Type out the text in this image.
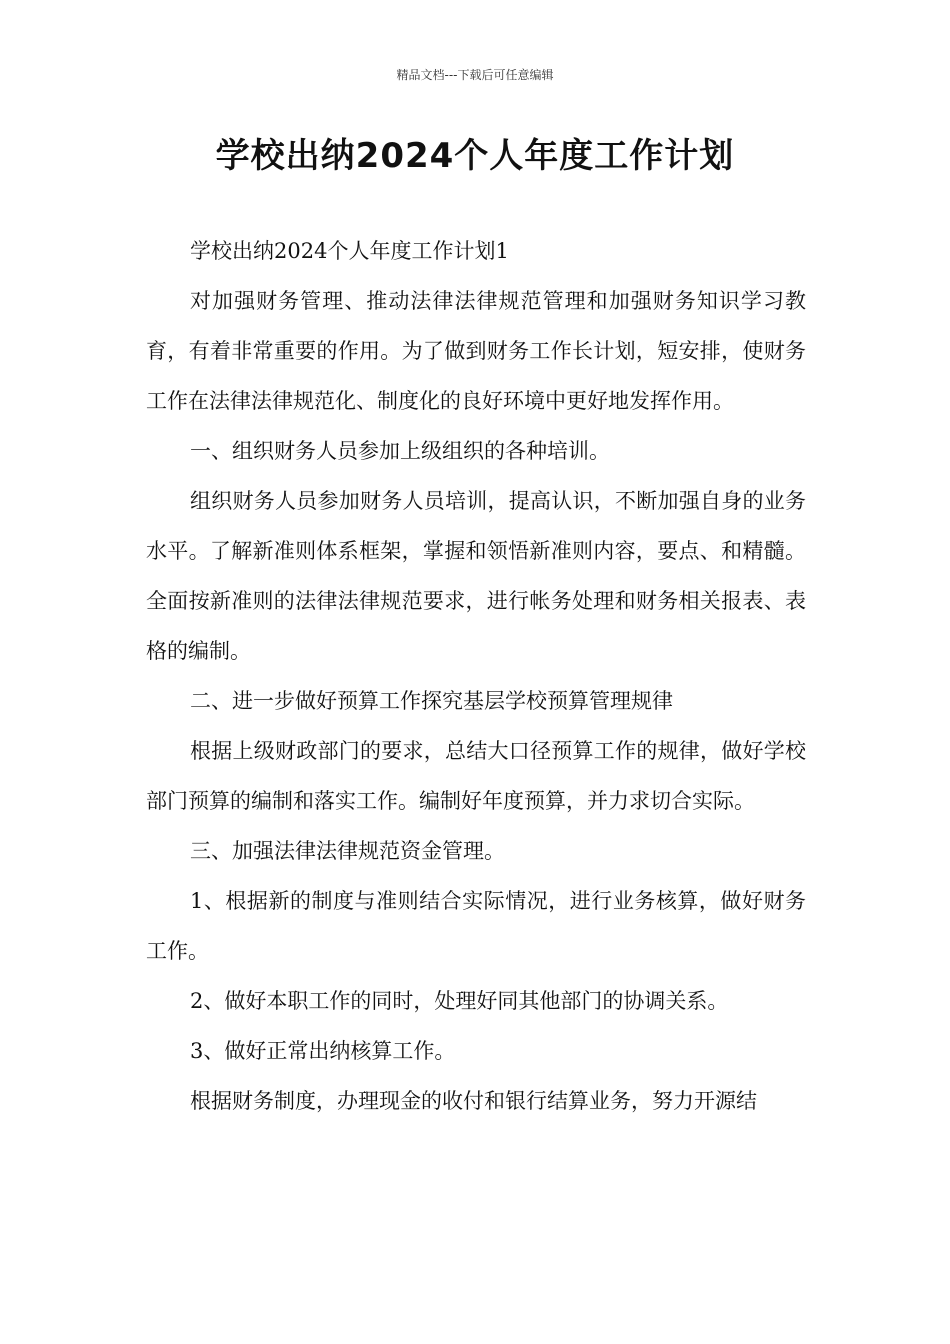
精品文档---下载后可任意编辑
学校出纳2024个人年度工作计划

学校出纳2024个人年度工作计划1

对加强财务管理、推动法律法律规范管理和加强财务知识学习教育，有着非常重要的作用。为了做到财务工作长计划，短安排，使财务工作在法律法律规范化、制度化的良好环境中更好地发挥作用。

一、组织财务人员参加上级组织的各种培训。

组织财务人员参加财务人员培训，提高认识，不断加强自身的业务水平。了解新准则体系框架，掌握和领悟新准则内容，要点、和精髓。全面按新准则的法律法律规范要求，进行帐务处理和财务相关报表、表格的编制。

二、进一步做好预算工作探究基层学校预算管理规律

根据上级财政部门的要求，总结大口径预算工作的规律，做好学校部门预算的编制和落实工作。编制好年度预算，并力求切合实际。

三、加强法律法律规范资金管理。

1、根据新的制度与准则结合实际情况，进行业务核算，做好财务工作。

2、做好本职工作的同时，处理好同其他部门的协调关系。

3、做好正常出纳核算工作。

根据财务制度，办理现金的收付和银行结算业务，努力开源结
